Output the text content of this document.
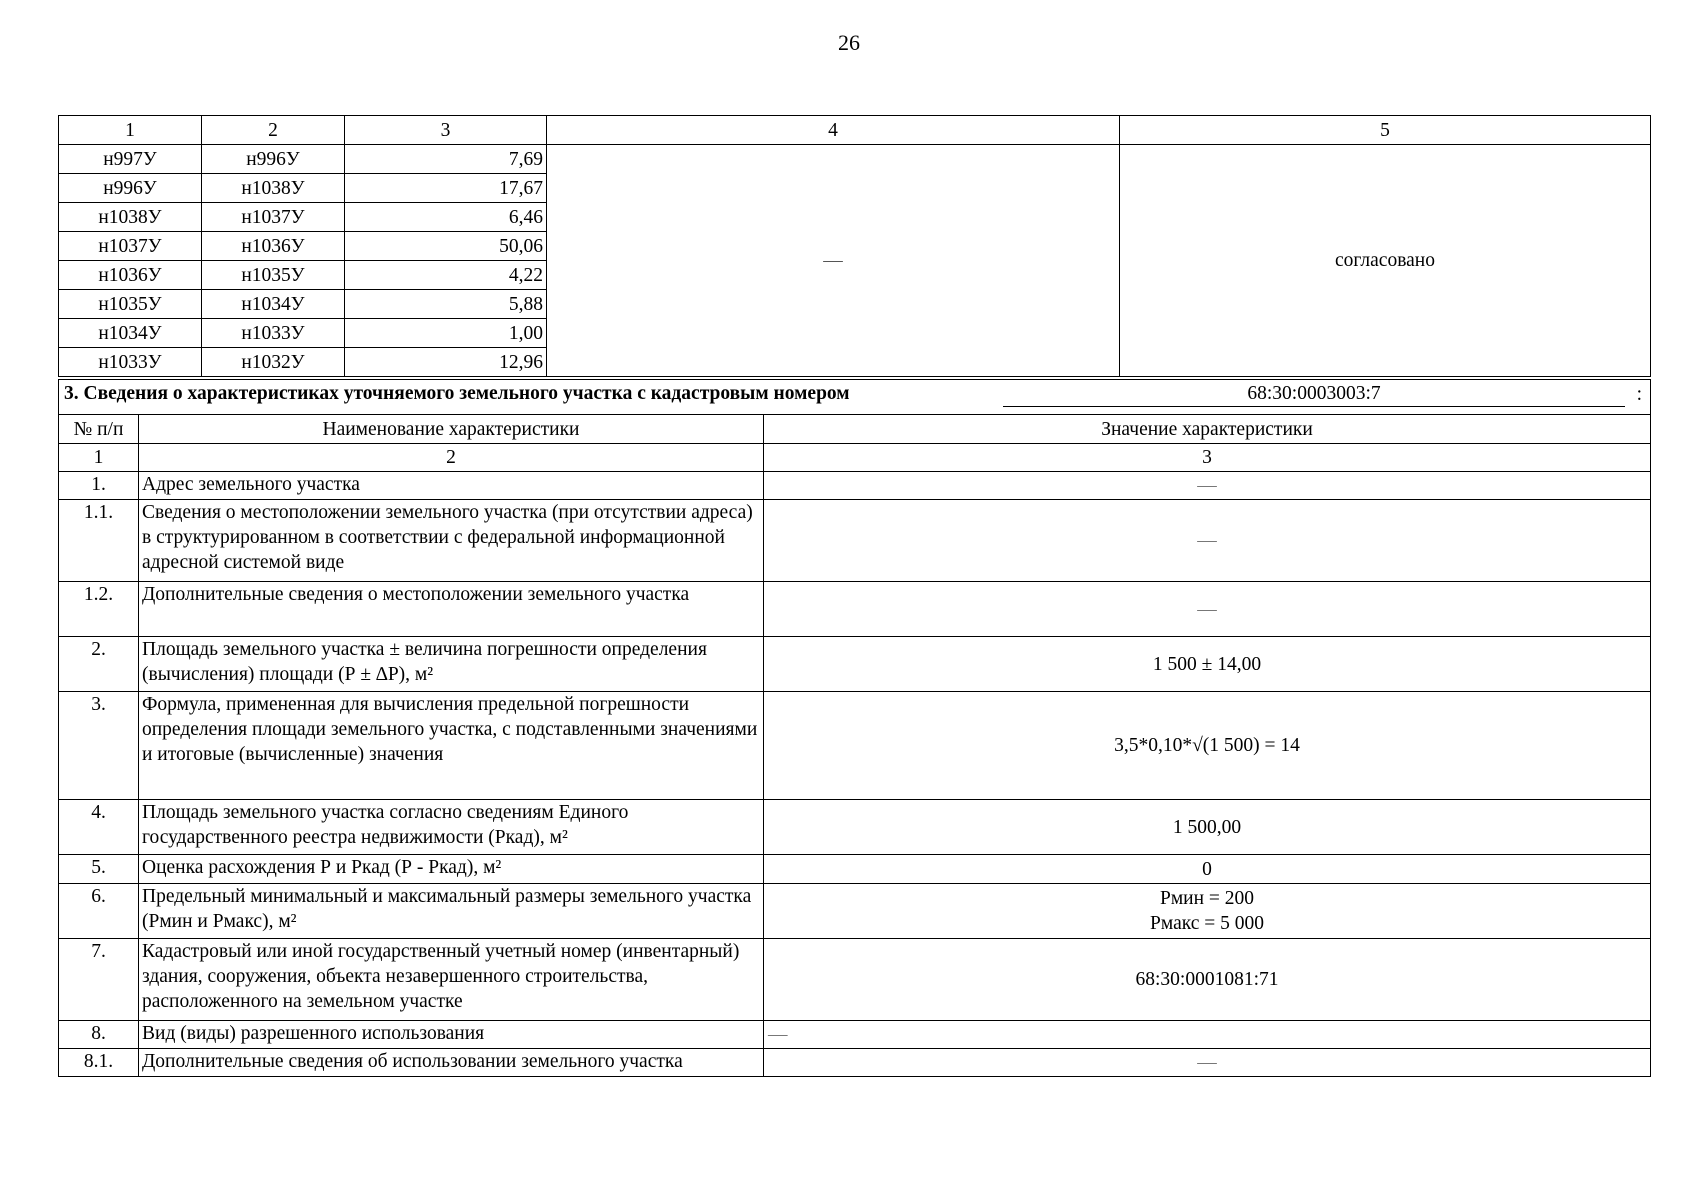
26
1	2	3	4	5
н997У	н996У	7,69	—	согласовано
н996У	н1038У	17,67		
н1038У	н1037У	6,46		
н1037У	н1036У	50,06		
н1036У	н1035У	4,22		
н1035У	н1034У	5,88		
н1034У	н1033У	1,00		
н1033У	н1032У	12,96		
3. Сведения о характеристиках уточняемого земельного участка с кадастровым номером 68:30:0003003:7 :		

№ п/п	Наименование характеристики	Значение характеристики
1	2	3
1.	Адрес земельного участка	—
1.1.	Сведения о местоположении земельного участка (при отсутствии адреса) в структурированном в соответствии с федеральной информационной адресной системой виде	—
1.2.	Дополнительные сведения о местоположении земельного участка	—
2.	Площадь земельного участка ± величина погрешности определения (вычисления) площади (Р ± ∆Р), м²	1 500 ± 14,00
3.	Формула, примененная для вычисления предельной погрешности определения площади земельного участка, с подставленными значениями и итоговые (вычисленные) значения	3,5*0,10*√(1 500) = 14
4.	Площадь земельного участка согласно сведениям Единого государственного реестра недвижимости (Ркад), м²	1 500,00
5.	Оценка расхождения Р и Ркад (Р - Ркад), м²	0
6.	Предельный минимальный и максимальный размеры земельного участка (Рмин и Рмакс), м²	Рмин = 200
Рмакс = 5 000

7.	Кадастровый или иной государственный учетный номер (инвентарный) здания, сооружения, объекта незавершенного строительства, расположенного на земельном участке	68:30:0001081:71
8.	Вид (виды) разрешенного использования	—
8.1.	Дополнительные сведения об использовании земельного участка	—
